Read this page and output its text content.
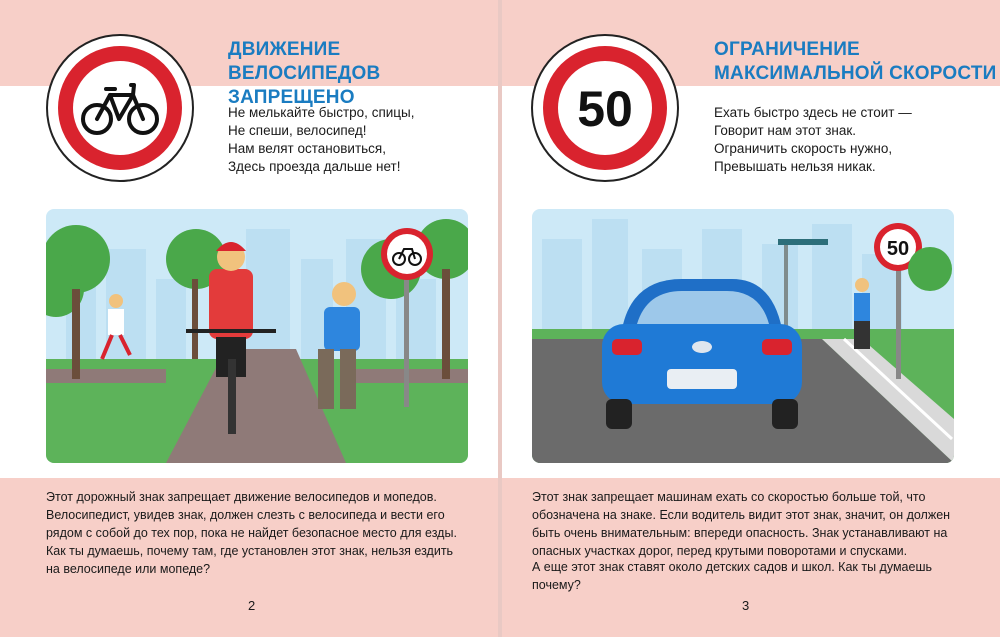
ДВИЖЕНИЕ ВЕЛОСИПЕДОВ
ЗАПРЕЩЕНО
Не мелькайте быстро, спицы,
Не спеши, велосипед!
Нам велят остановиться,
Здесь проезда дальше нет!
Этот дорожный знак запрещает движение велосипедов и мопедов. Велосипедист, увидев знак, должен слезть с велосипеда и вести его рядом с собой до тех пор, пока не найдет безопасное место для езды.
Как ты думаешь, почему там, где установлен этот знак, нельзя ездить на велосипеде или мопеде?
2
50
ОГРАНИЧЕНИЕ
МАКСИМАЛЬНОЙ СКОРОСТИ
Ехать быстро здесь не стоит —
Говорит нам этот знак.
Ограничить скорость нужно,
Превышать нельзя никак.
50
Этот знак запрещает машинам ехать со скоростью больше той, что обозначена на знаке. Если водитель видит этот знак, значит, он должен быть очень внимательным: впереди опасность. Знак устанавливают на опасных участках дорог, перед крутыми поворотами и спусками.
А еще этот знак ставят около детских садов и школ. Как ты думаешь почему?
3
